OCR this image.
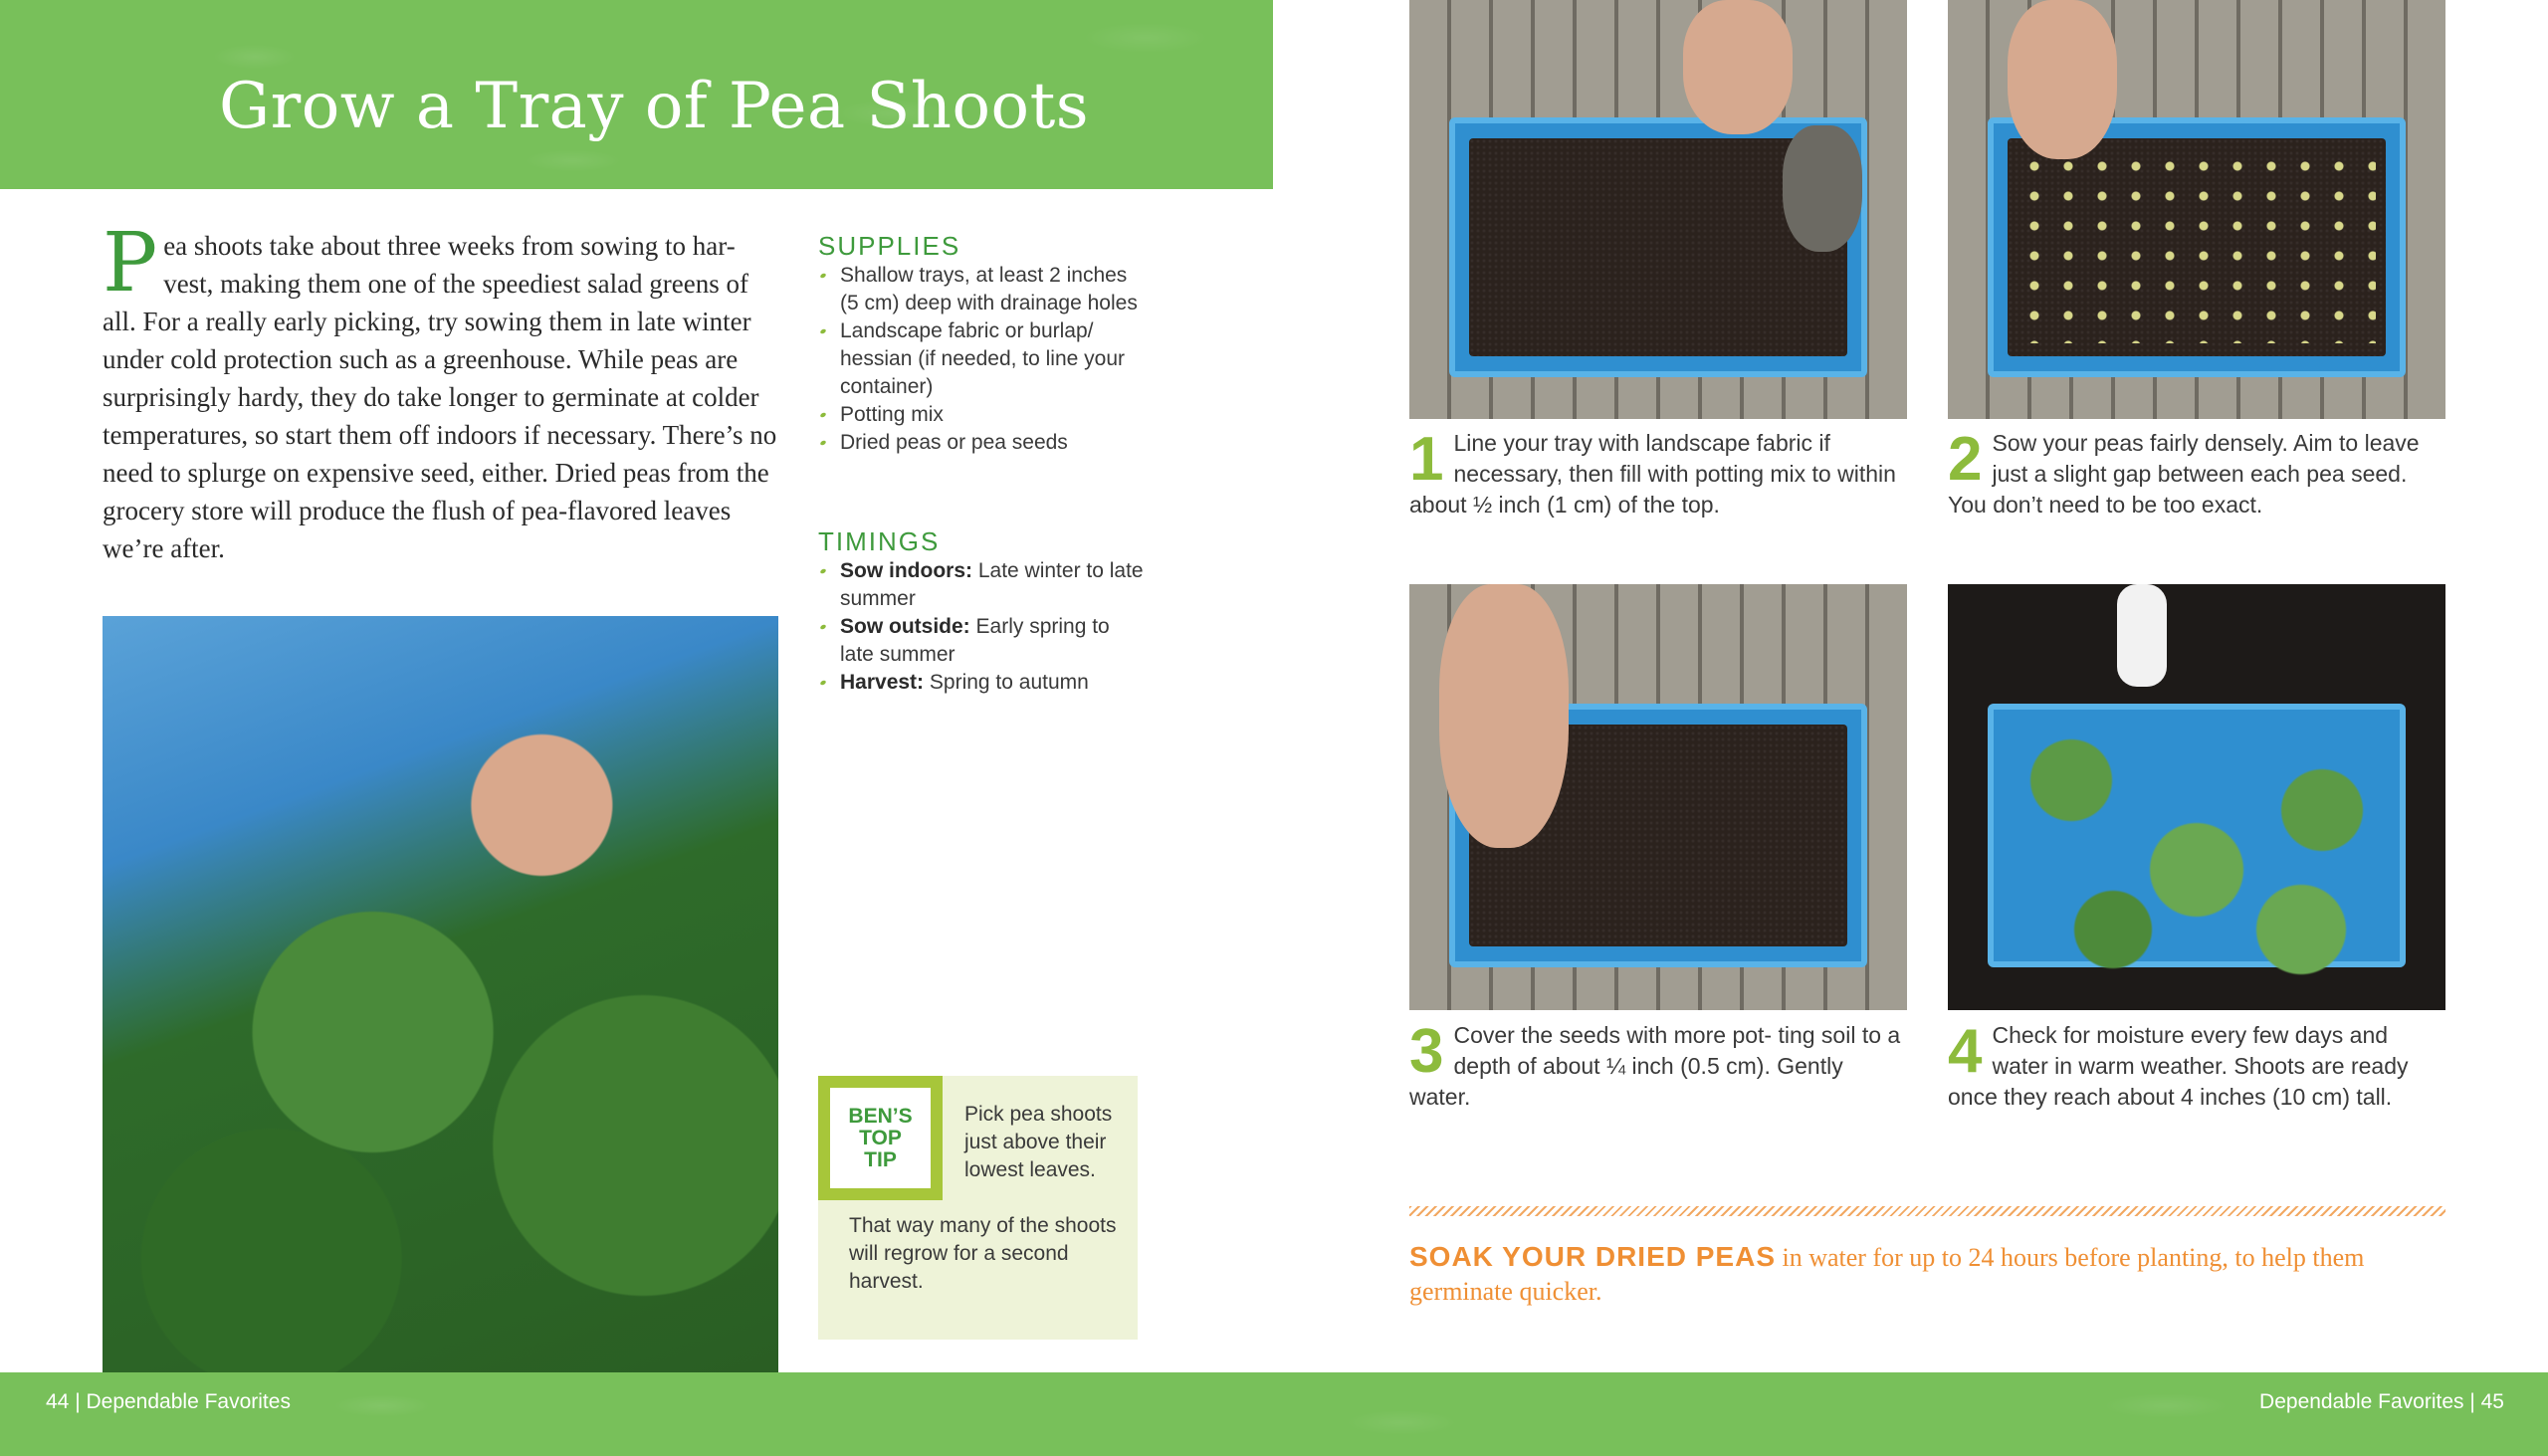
Grow a Tray of Pea Shoots

Pea shoots take about three weeks from sowing to har- vest, making them one of the speediest salad greens of all. For a really early picking, try sowing them in late winter under cold protection such as a greenhouse. While peas are surprisingly hardy, they do take longer to germinate at colder temperatures, so start them off indoors if necessary. There’s no need to splurge on expensive seed, either. Dried peas from the grocery store will produce the flush of pea-flavored leaves we’re after.

SUPPLIES
Shallow trays, at least 2 inches (5 cm) deep with drainage holes
Landscape fabric or burlap/ hessian (if needed, to line your container)
Potting mix
Dried peas or pea seeds
TIMINGS
Sow indoors: Late winter to late summer
Sow outside: Early spring to late summer
Harvest: Spring to autumn
BEN’S
TOP
TIP

Pick pea shoots just above their lowest leaves.

That way many of the shoots will regrow for a second harvest.

1 Line your tray with landscape fabric if necessary, then fill with potting mix to within about ½ inch (1 cm) of the top.
2 Sow your peas fairly densely. Aim to leave just a slight gap between each pea seed. You don’t need to be too exact.
3 Cover the seeds with more pot- ting soil to a depth of about ¼ inch (0.5 cm). Gently water.
4 Check for moisture every few days and water in warm weather. Shoots are ready once they reach about 4 inches (10 cm) tall.

SOAK YOUR DRIED PEAS in water for up to 24 hours before planting, to help them germinate quicker.

44 | Dependable Favorites	Dependable Favorites | 45
